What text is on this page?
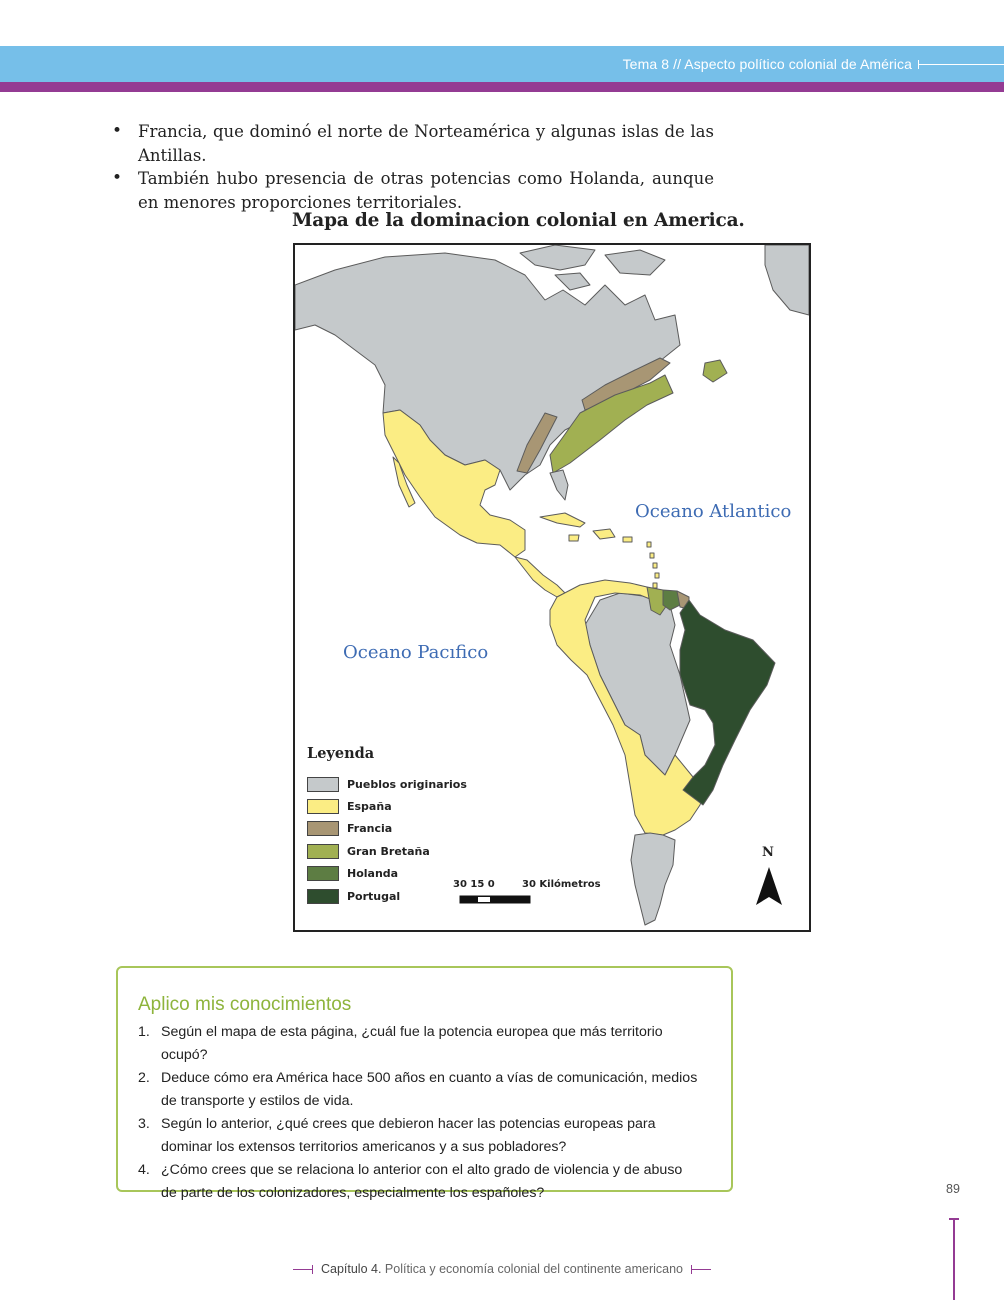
Tema 8 // Aspecto político colonial de América
• Francia, que dominó el norte de Norteamérica y algunas islas de las Antillas.
• También hubo presencia de otras potencias como Holanda, aunque en menores proporciones territoriales.
Mapa de la dominacion colonial en America.
Oceano Atlantico
Oceano Pacıfico
Leyenda
Pueblos originarios
España
Francia
Gran Bretaña
Holanda
Portugal
30 15 0	30 Kilómetros
N
Aplico mis conocimientos
1. Según el mapa de esta página, ¿cuál fue la potencia europea que más territorio ocupó?
2. Deduce cómo era América hace 500 años en cuanto a vías de comunicación, medios de transporte y estilos de vida.
3. Según lo anterior, ¿qué crees que debieron hacer las potencias europeas para dominar los extensos territorios americanos y a sus pobladores?
4. ¿Cómo crees que se relaciona lo anterior con el alto grado de violencia y de abuso de parte de los colonizadores, especialmente los españoles?	89
Capítulo 4. Política y economía colonial del continente americano
